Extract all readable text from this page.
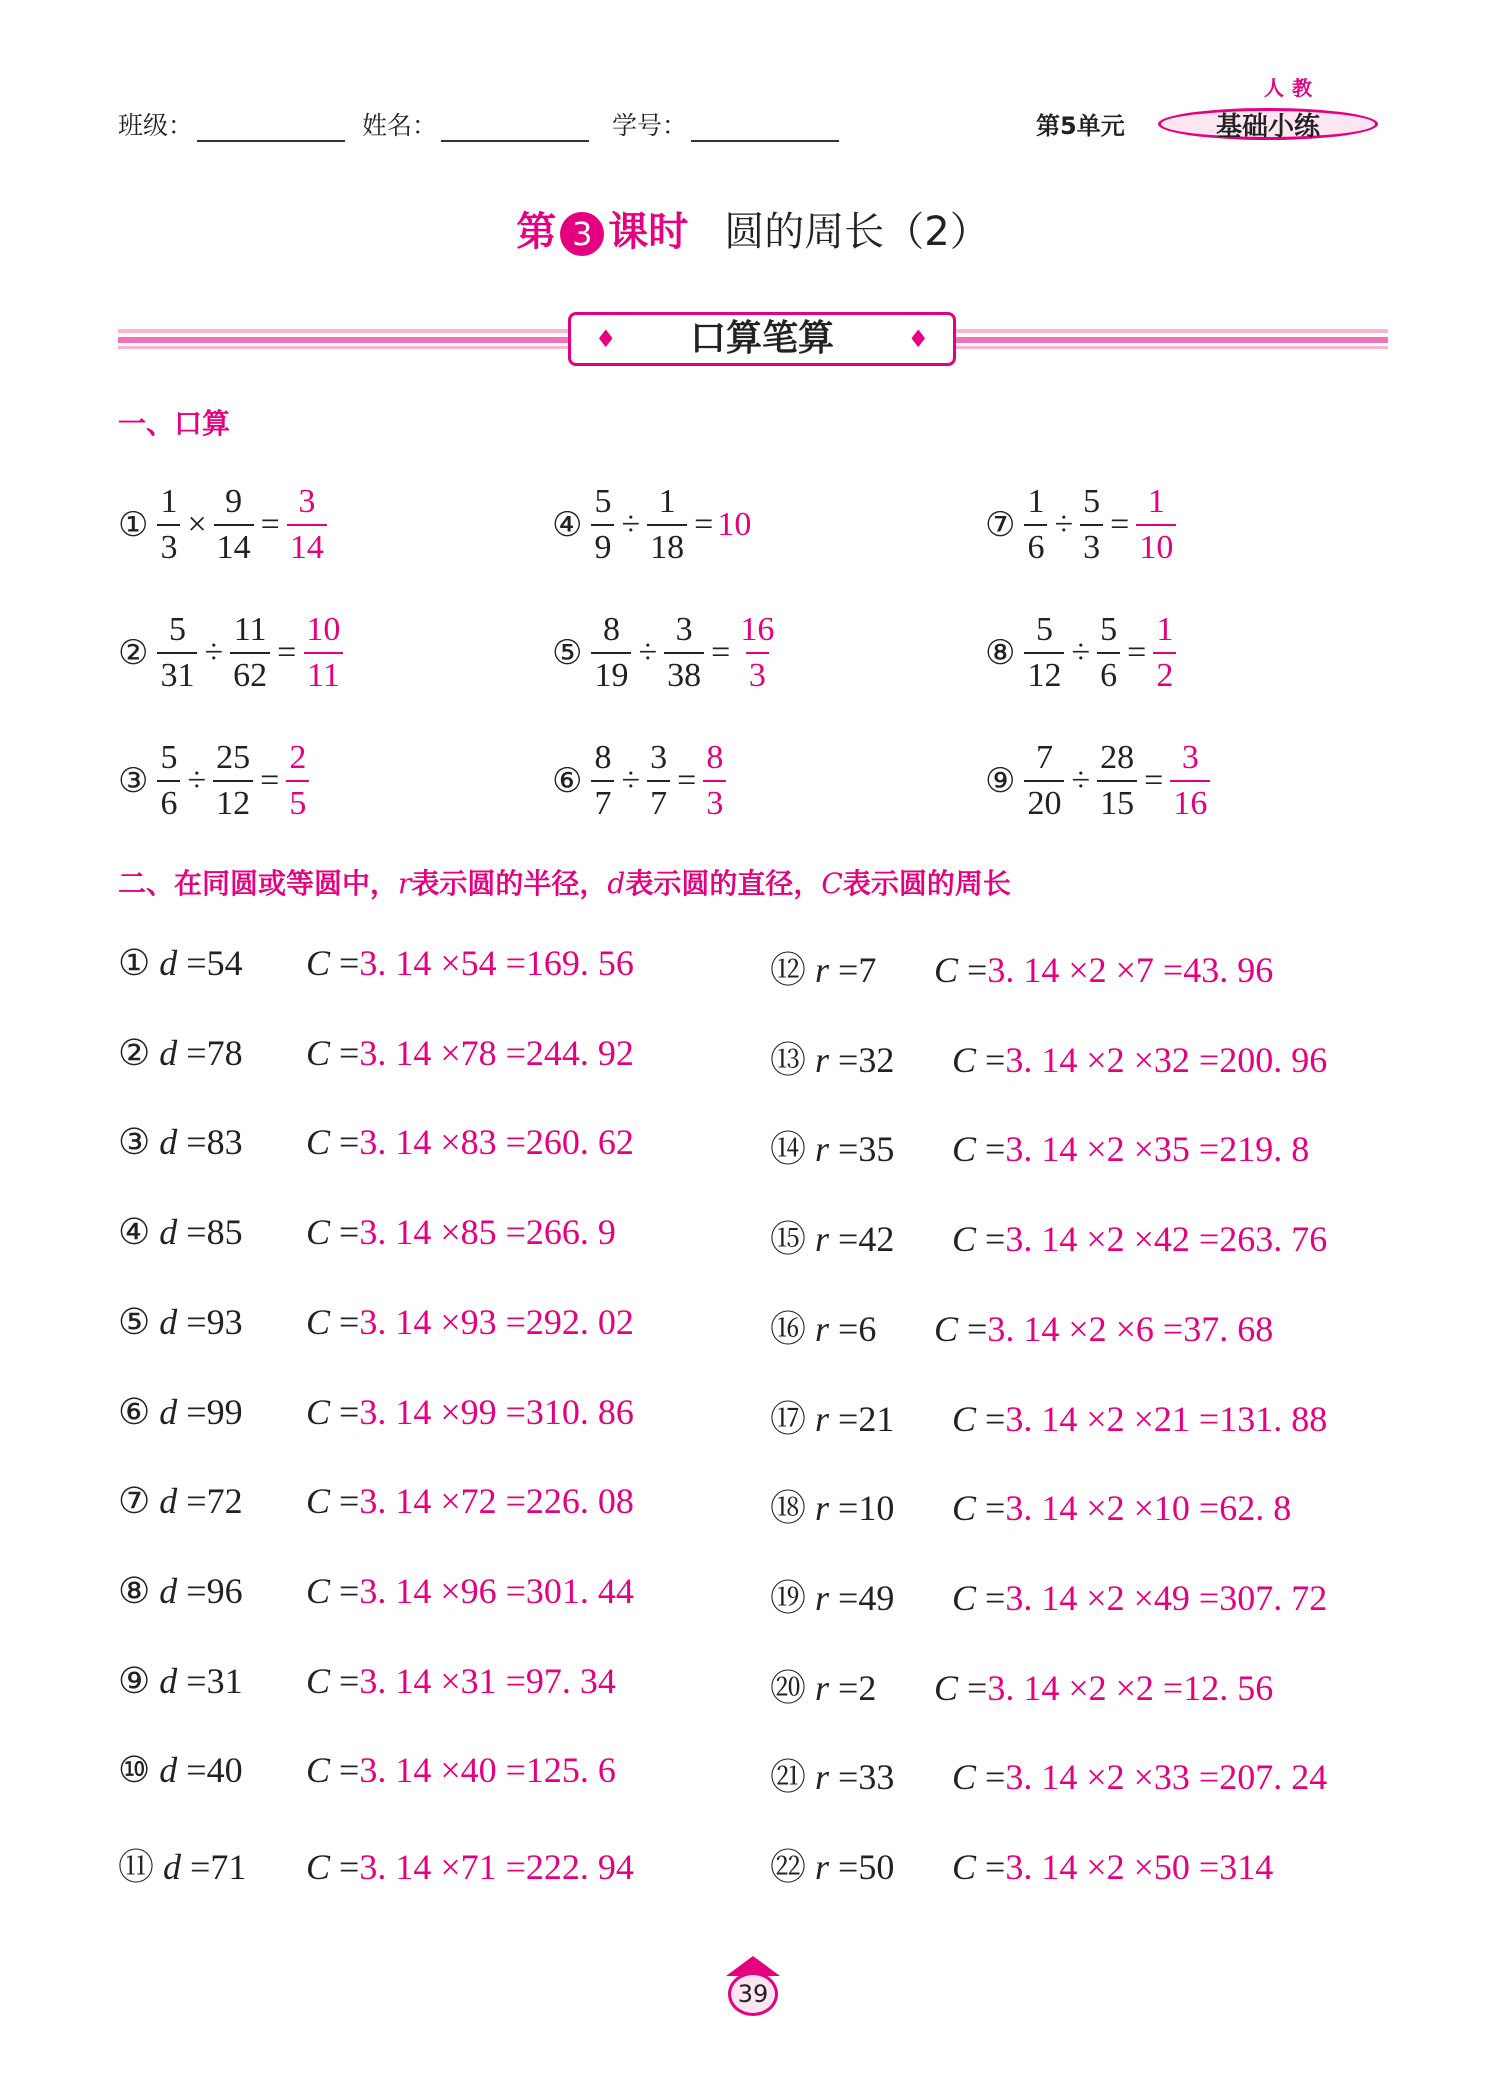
班级：	姓名：	学号：	第5单元
人教
基础小练
第 3 课时 圆的周长（2）
♦ 口算笔算	♦
一、口算
① $\frac{1}{3} \times \frac{9}{14} = \frac{3}{14}$
② $\frac{5}{31} \div \frac{11}{62} = \frac{10}{11}$
③ $\frac{5}{6} \div \frac{25}{12} = \frac{2}{5}$
④ $\frac{5}{9} \div \frac{1}{18} = 10$
⑤ $\frac{8}{19} \div \frac{3}{38} = \frac{16}{3}$
⑥ $\frac{8}{7} \div \frac{3}{7} = \frac{8}{3}$
⑦ $\frac{1}{6} \div \frac{5}{3} = \frac{1}{10}$
⑧ $\frac{5}{12} \div \frac{5}{6} = \frac{1}{2}$
⑨ $\frac{7}{20} \div \frac{28}{15} = \frac{3}{16}$
二、在同圆或等圆中，r表示圆的半径，d表示圆的直径，C表示圆的周长
① d =54 C =3. 14 ×54 =169. 56
② d =78 C =3. 14 ×78 =244. 92
③ d =83 C =3. 14 ×83 =260. 62
④ d =85 C =3. 14 ×85 =266. 9
⑤ d =93 C =3. 14 ×93 =292. 02
⑥ d =99 C =3. 14 ×99 =310. 86
⑦ d =72 C =3. 14 ×72 =226. 08
⑧ d =96 C =3. 14 ×96 =301. 44
⑨ d =31 C =3. 14 ×31 =97. 34
⑩ d =40 C =3. 14 ×40 =125. 6
⑪ d =71 C =3. 14 ×71 =222. 94
⑫ r =7 C =3. 14 ×2 ×7 =43. 96
⑬ r =32 C =3. 14 ×2 ×32 =200. 96
⑭ r =35 C =3. 14 ×2 ×35 =219. 8
⑮ r =42 C =3. 14 ×2 ×42 =263. 76
⑯ r =6 C =3. 14 ×2 ×6 =37. 68
⑰ r =21 C =3. 14 ×2 ×21 =131. 88
⑱ r =10 C =3. 14 ×2 ×10 =62. 8
⑲ r =49 C =3. 14 ×2 ×49 =307. 72
⑳ r =2 C =3. 14 ×2 ×2 =12. 56
㉑ r =33 C =3. 14 ×2 ×33 =207. 24
㉒ r =50 C =3. 14 ×2 ×50 =314
39
